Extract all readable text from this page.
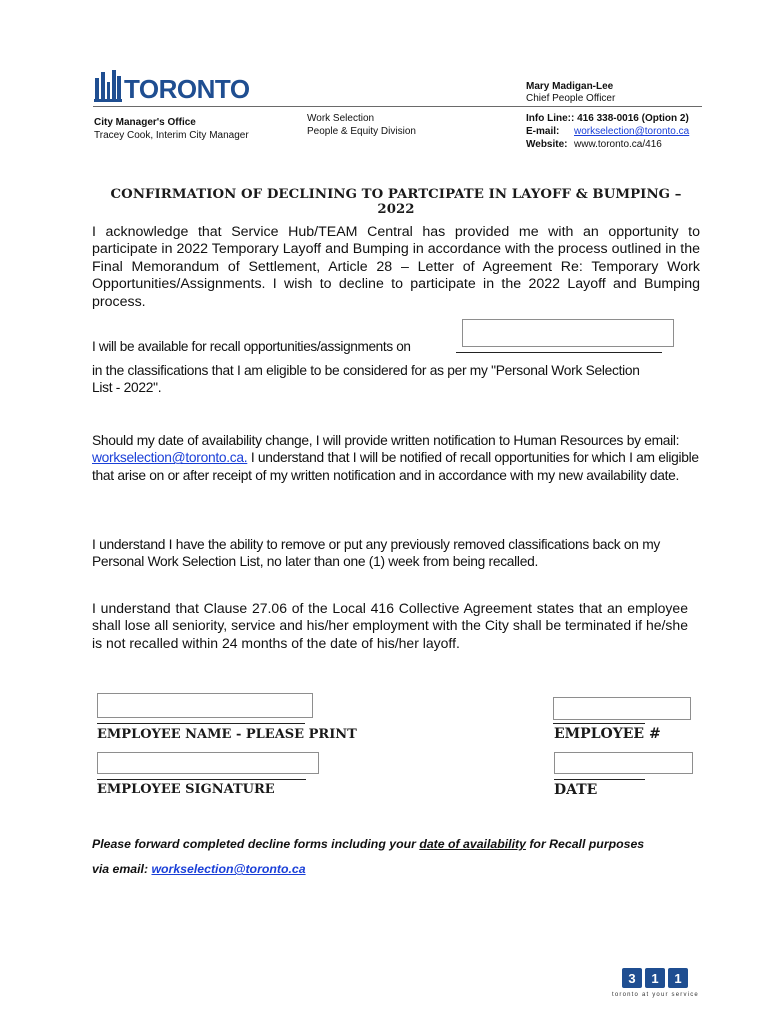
TORONTO	Mary Madigan-Lee
Chief People Officer
City Manager's Office
Tracey Cook, Interim City Manager
Work Selection
People & Equity Division
Info Line:: 416 338-0016 (Option 2)
E-mail: workselection@toronto.ca
Website: www.toronto.ca/416
CONFIRMATION OF DECLINING TO PARTCIPATE IN LAYOFF & BUMPING – 2022
I acknowledge that Service Hub/TEAM Central has provided me with an opportunity to participate in 2022 Temporary Layoff and Bumping in accordance with the process outlined in the Final Memorandum of Settlement, Article 28 – Letter of Agreement Re: Temporary Work Opportunities/Assignments. I wish to decline to participate in the 2022 Layoff and Bumping process.
I will be available for recall opportunities/assignments on
in the classifications that I am eligible to be considered for as per my "Personal Work Selection List - 2022".
Should my date of availability change, I will provide written notification to Human Resources by email: workselection@toronto.ca. I understand that I will be notified of recall opportunities for which I am eligible that arise on or after receipt of my written notification and in accordance with my new availability date.
I understand I have the ability to remove or put any previously removed classifications back on my Personal Work Selection List, no later than one (1) week from being recalled.
I understand that Clause 27.06 of the Local 416 Collective Agreement states that an employee shall lose all seniority, service and his/her employment with the City shall be terminated if he/she is not recalled within 24 months of the date of his/her layoff.
EMPLOYEE NAME - PLEASE PRINT	EMPLOYEE #
EMPLOYEE SIGNATURE	DATE
Please forward completed decline forms including your date of availability for Recall purposes
via email: workselection@toronto.ca
3	1	1
toronto at your service
